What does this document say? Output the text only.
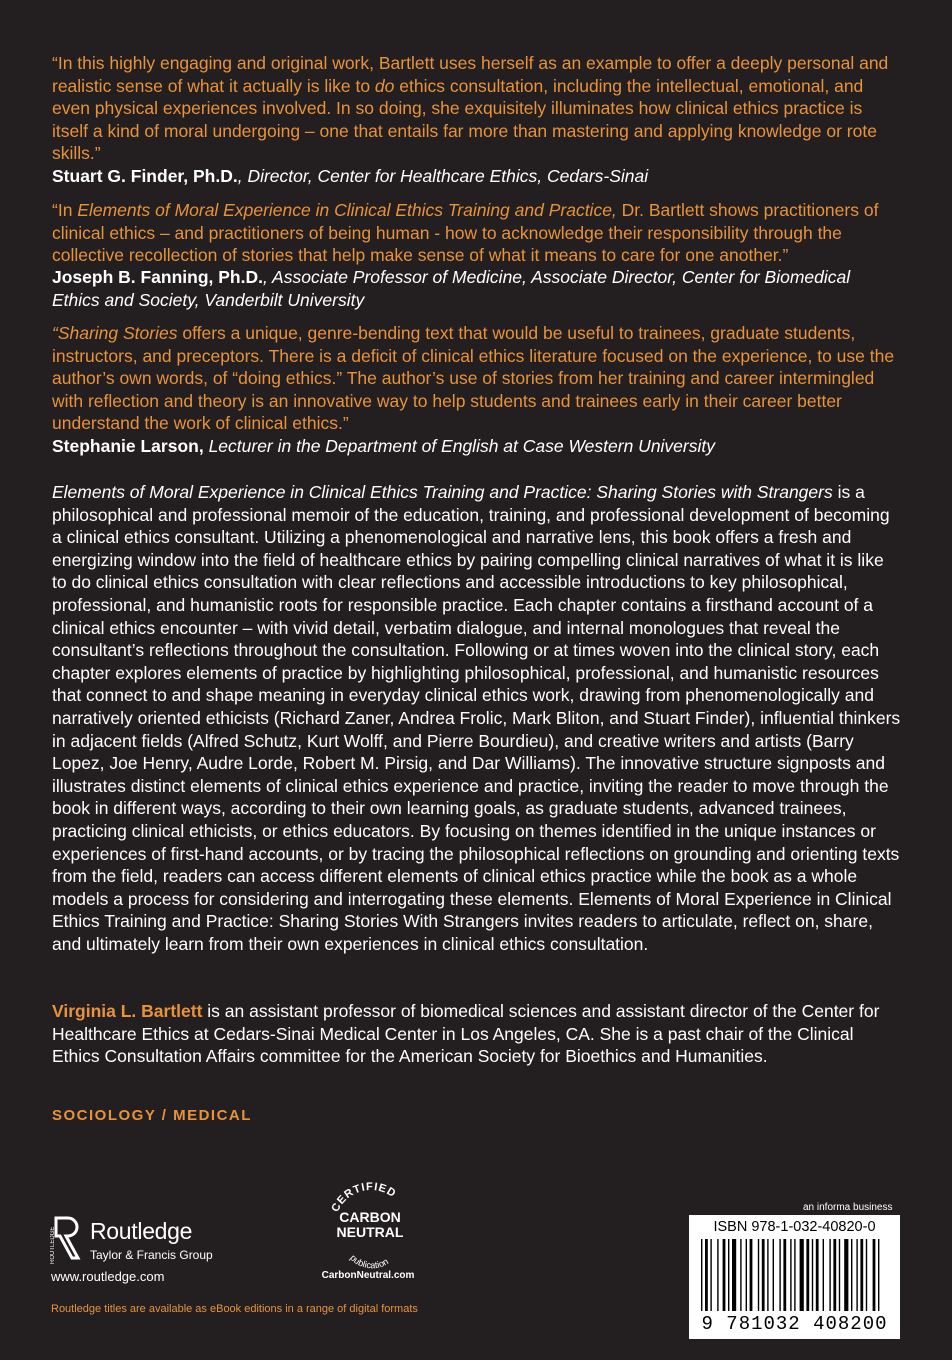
“In this highly engaging and original work, Bartlett uses herself as an example to offer a deeply personal and realistic sense of what it actually is like to do ethics consultation, including the intellectual, emotional, and even physical experiences involved. In so doing, she exquisitely illuminates how clinical ethics practice is itself a kind of moral undergoing – one that entails far more than mastering and applying knowledge or rote skills.”
Stuart G. Finder, Ph.D., Director, Center for Healthcare Ethics, Cedars-Sinai
“In Elements of Moral Experience in Clinical Ethics Training and Practice, Dr. Bartlett shows practitioners of clinical ethics – and practitioners of being human - how to acknowledge their responsibility through the collective recollection of stories that help make sense of what it means to care for one another.”
Joseph B. Fanning, Ph.D., Associate Professor of Medicine, Associate Director, Center for Biomedical Ethics and Society, Vanderbilt University
“Sharing Stories offers a unique, genre-bending text that would be useful to trainees, graduate students, instructors, and preceptors. There is a deficit of clinical ethics literature focused on the experience, to use the author’s own words, of “doing ethics.” The author’s use of stories from her training and career intermingled with reflection and theory is an innovative way to help students and trainees early in their career better understand the work of clinical ethics.”
Stephanie Larson, Lecturer in the Department of English at Case Western University
Elements of Moral Experience in Clinical Ethics Training and Practice: Sharing Stories with Strangers is a philosophical and professional memoir of the education, training, and professional development of becoming a clinical ethics consultant. Utilizing a phenomenological and narrative lens, this book offers a fresh and energizing window into the field of healthcare ethics by pairing compelling clinical narratives of what it is like to do clinical ethics consultation with clear reflections and accessible introductions to key philosophical, professional, and humanistic roots for responsible practice. Each chapter contains a firsthand account of a clinical ethics encounter – with vivid detail, verbatim dialogue, and internal monologues that reveal the consultant’s reflections throughout the consultation. Following or at times woven into the clinical story, each chapter explores elements of practice by highlighting philosophical, professional, and humanistic resources that connect to and shape meaning in everyday clinical ethics work, drawing from phenomenologically and narratively oriented ethicists (Richard Zaner, Andrea Frolic, Mark Bliton, and Stuart Finder), influential thinkers in adjacent fields (Alfred Schutz, Kurt Wolff, and Pierre Bourdieu), and creative writers and artists (Barry Lopez, Joe Henry, Audre Lorde, Robert M. Pirsig, and Dar Williams). The innovative structure signposts and illustrates distinct elements of clinical ethics experience and practice, inviting the reader to move through the book in different ways, according to their own learning goals, as graduate students, advanced trainees, practicing clinical ethicists, or ethics educators. By focusing on themes identified in the unique instances or experiences of first-hand accounts, or by tracing the philosophical reflections on grounding and orienting texts from the field, readers can access different elements of clinical ethics practice while the book as a whole models a process for considering and interrogating these elements. Elements of Moral Experience in Clinical Ethics Training and Practice: Sharing Stories With Strangers invites readers to articulate, reflect on, share, and ultimately learn from their own experiences in clinical ethics consultation.
Virginia L. Bartlett is an assistant professor of biomedical sciences and assistant director of the Center for Healthcare Ethics at Cedars-Sinai Medical Center in Los Angeles, CA. She is a past chair of the Clinical Ethics Consultation Affairs committee for the American Society for Bioethics and Humanities.
SOCIOLOGY / MEDICAL
ROUTLEDGE Routledge
Taylor & Francis Group
www.routledge.com
CERTIFIED
CARBON
NEUTRAL
publication
CarbonNeutral.com
Routledge titles are available as eBook editions in a range of digital formats
an informa business
ISBN 978-1-032-40820-0
9 781032 408200
